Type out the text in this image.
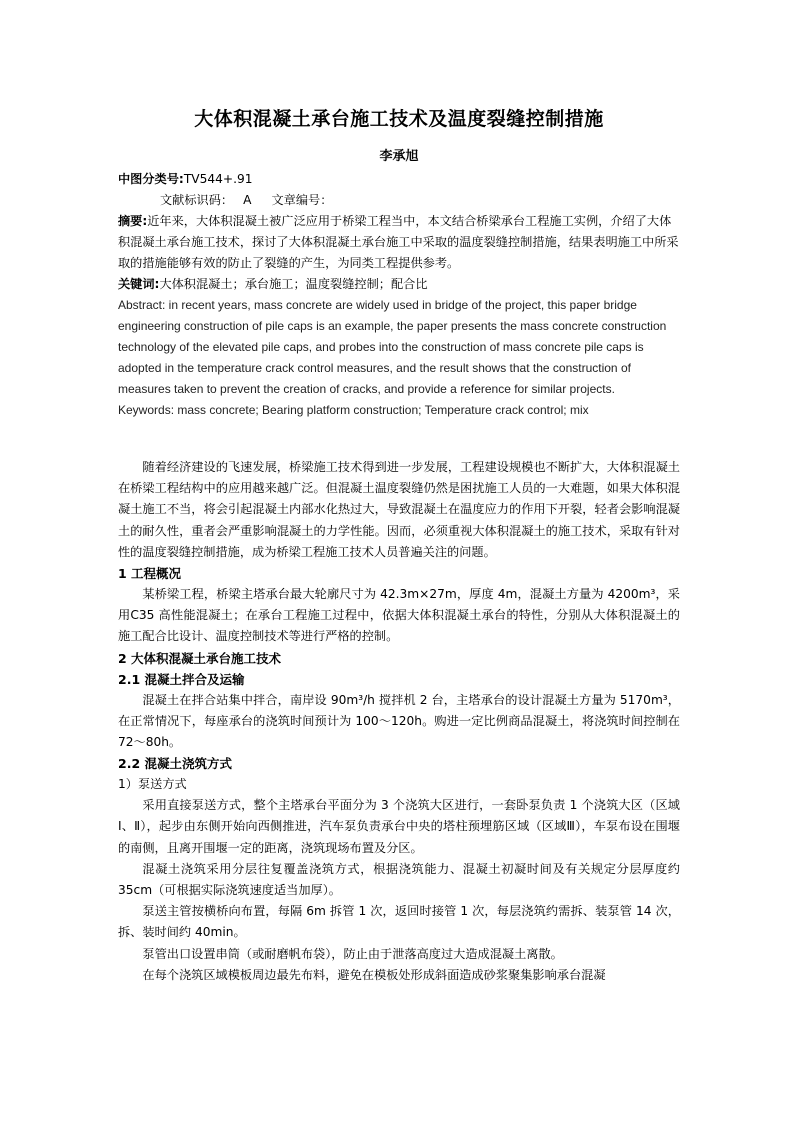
大体积混凝土承台施工技术及温度裂缝控制措施
李承旭

中图分类号:TV544+.91

文献标识码： A 文章编号：

摘要:近年来，大体积混凝土被广泛应用于桥梁工程当中，本文结合桥梁承台工程施工实例，介绍了大体积混凝土承台施工技术，探讨了大体积混凝土承台施工中采取的温度裂缝控制措施，结果表明施工中所采取的措施能够有效的防止了裂缝的产生，为同类工程提供参考。

关键词:大体积混凝土；承台施工；温度裂缝控制；配合比

Abstract: in recent years, mass concrete are widely used in bridge of the project, this paper bridge engineering construction of pile caps is an example, the paper presents the mass concrete construction technology of the elevated pile caps, and probes into the construction of mass concrete pile caps is adopted in the temperature crack control measures, and the result shows that the construction of measures taken to prevent the creation of cracks, and provide a reference for similar projects.

Keywords: mass concrete; Bearing platform construction; Temperature crack control; mix

随着经济建设的飞速发展，桥梁施工技术得到进一步发展，工程建设规模也不断扩大，大体积混凝土在桥梁工程结构中的应用越来越广泛。但混凝土温度裂缝仍然是困扰施工人员的一大难题，如果大体积混凝土施工不当，将会引起混凝土内部水化热过大，导致混凝土在温度应力的作用下开裂，轻者会影响混凝土的耐久性，重者会严重影响混凝土的力学性能。因而，必须重视大体积混凝土的施工技术，采取有针对性的温度裂缝控制措施，成为桥梁工程施工技术人员普遍关注的问题。

1 工程概况

某桥梁工程，桥梁主塔承台最大轮廓尺寸为 42.3m×27m，厚度 4m，混凝土方量为 4200m³，采用C35 高性能混凝土；在承台工程施工过程中，依据大体积混凝土承台的特性，分别从大体积混凝土的施工配合比设计、温度控制技术等进行严格的控制。

2 大体积混凝土承台施工技术
2.1 混凝土拌合及运输

混凝土在拌合站集中拌合，南岸设 90m³/h 搅拌机 2 台，主塔承台的设计混凝土方量为 5170m³，在正常情况下，每座承台的浇筑时间预计为 100～120h。购进一定比例商品混凝土，将浇筑时间控制在 72～80h。

2.2 混凝土浇筑方式
1）泵送方式

采用直接泵送方式，整个主塔承台平面分为 3 个浇筑大区进行，一套卧泵负责 1 个浇筑大区（区域Ⅰ、Ⅱ），起步由东侧开始向西侧推进，汽车泵负责承台中央的塔柱预埋筋区域（区域Ⅲ），车泵布设在围堰的南侧，且离开围堰一定的距离，浇筑现场布置及分区。

混凝土浇筑采用分层往复覆盖浇筑方式，根据浇筑能力、混凝土初凝时间及有关规定分层厚度约 35cm（可根据实际浇筑速度适当加厚）。

泵送主管按横桥向布置，每隔 6m 拆管 1 次，返回时接管 1 次，每层浇筑约需拆、装泵管 14 次，拆、装时间约 40min。

泵管出口设置串筒（或耐磨帆布袋），防止由于泄落高度过大造成混凝土离散。

在每个浇筑区域模板周边最先布料，避免在模板处形成斜面造成砂浆聚集影响承台混凝
